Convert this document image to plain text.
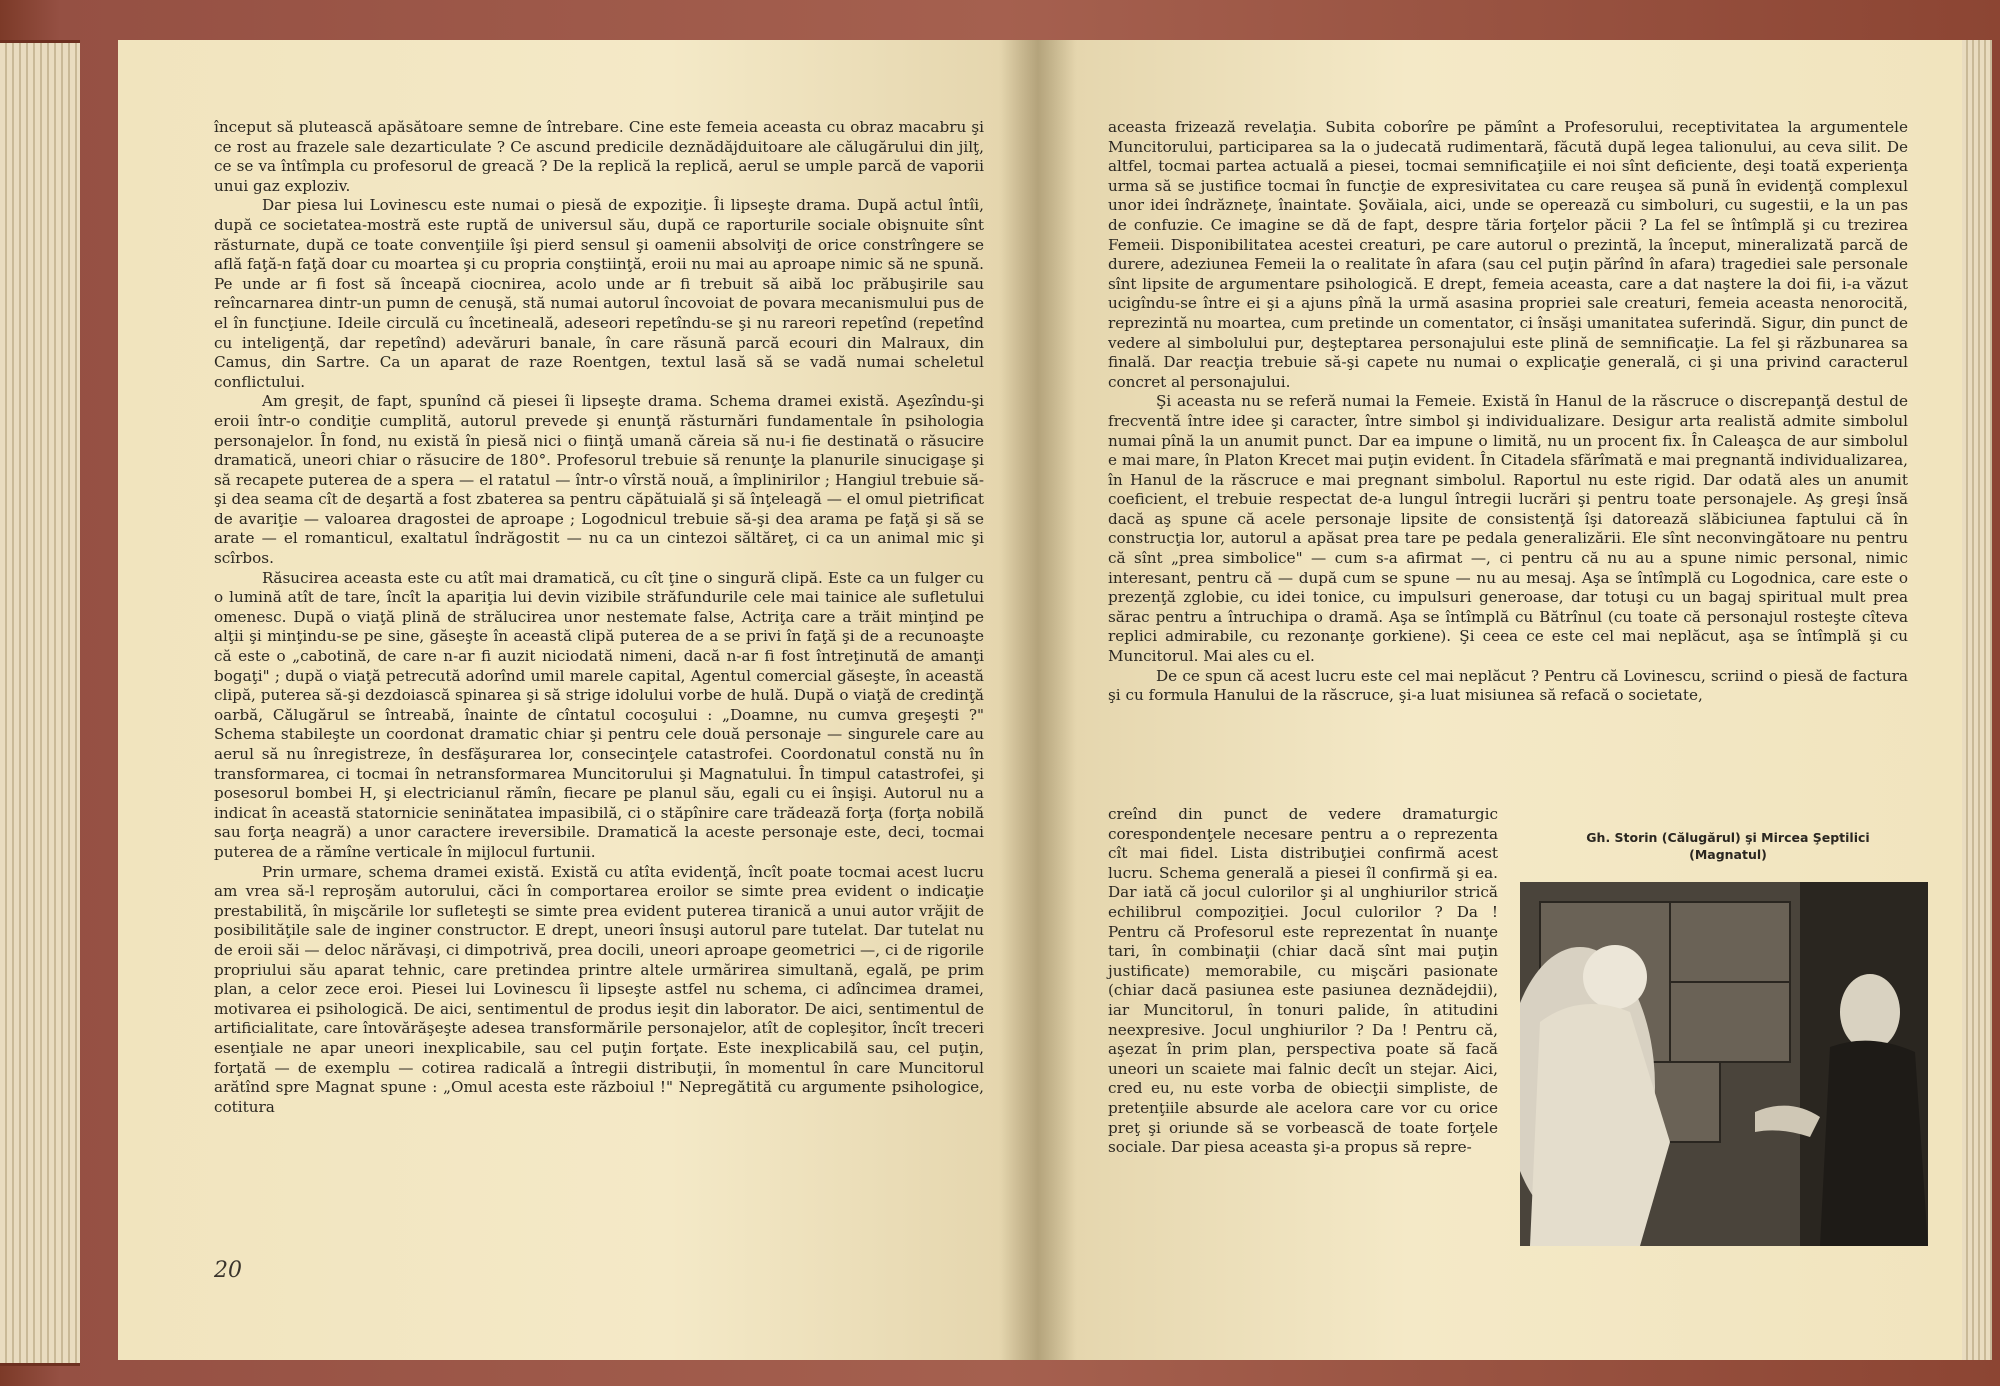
început să plutească apăsătoare semne de întrebare. Cine este femeia aceasta cu obraz macabru şi ce rost au frazele sale dezarticulate ? Ce ascund predicile deznădăjduitoare ale călugărului din jilţ, ce se va întîmpla cu profesorul de greacă ? De la replică la replică, aerul se umple parcă de vaporii unui gaz exploziv.

Dar piesa lui Lovinescu este numai o piesă de expoziţie. Îi lipseşte drama. După actul întîi, după ce societatea-mostră este ruptă de universul său, după ce raporturile sociale obişnuite sînt răsturnate, după ce toate convenţiile îşi pierd sensul şi oamenii absolviţi de orice constrîngere se află faţă-n faţă doar cu moartea şi cu propria conştiinţă, eroii nu mai au aproape nimic să ne spună. Pe unde ar fi fost să înceapă ciocnirea, acolo unde ar fi trebuit să aibă loc prăbuşirile sau reîncarnarea dintr-un pumn de cenuşă, stă numai autorul încovoiat de povara mecanismului pus de el în funcţiune. Ideile circulă cu încetineală, adeseori repetîndu-se şi nu rareori repetînd (repetînd cu inteligenţă, dar repetînd) adevăruri banale, în care răsună parcă ecouri din Malraux, din Camus, din Sartre. Ca un aparat de raze Roentgen, textul lasă să se vadă numai scheletul conflictului.

Am greşit, de fapt, spunînd că piesei îi lipseşte drama. Schema dramei există. Aşezîndu-şi eroii într-o condiţie cumplită, autorul prevede şi enunţă răsturnări fundamentale în psihologia personajelor. În fond, nu există în piesă nici o fiinţă umană căreia să nu-i fie destinată o răsucire dramatică, uneori chiar o răsucire de 180°. Profesorul trebuie să renunţe la planurile sinucigaşe şi să recapete puterea de a spera — el ratatul — într-o vîrstă nouă, a împlinirilor ; Hangiul trebuie să-şi dea seama cît de deşartă a fost zbaterea sa pentru căpătuială şi să înţeleagă — el omul pietrificat de avariţie — valoarea dragostei de aproape ; Logodnicul trebuie să-şi dea arama pe faţă şi să se arate — el romanticul, exaltatul îndrăgostit — nu ca un cintezoi săltăreţ, ci ca un animal mic şi scîrbos.

Răsucirea aceasta este cu atît mai dramatică, cu cît ţine o singură clipă. Este ca un fulger cu o lumină atît de tare, încît la apariţia lui devin vizibile străfundurile cele mai tainice ale sufletului omenesc. După o viaţă plină de strălucirea unor nestemate false, Actriţa care a trăit minţind pe alţii şi minţindu-se pe sine, găseşte în această clipă puterea de a se privi în faţă şi de a recunoaşte că este o „cabotină, de care n-ar fi auzit niciodată nimeni, dacă n-ar fi fost întreţinută de amanţi bogaţi" ; după o viaţă petrecută adorînd umil marele capital, Agentul comercial găseşte, în această clipă, puterea să-şi dezdoiască spinarea şi să strige idolului vorbe de hulă. După o viaţă de credinţă oarbă, Călugărul se întreabă, înainte de cîntatul cocoşului : „Doamne, nu cumva greşeşti ?" Schema stabileşte un coordonat dramatic chiar şi pentru cele două personaje — singurele care au aerul să nu înregistreze, în desfăşurarea lor, consecinţele catastrofei. Coordonatul constă nu în transformarea, ci tocmai în netransformarea Muncitorului şi Magnatului. În timpul catastrofei, şi posesorul bombei H, şi electricianul rămîn, fiecare pe planul său, egali cu ei înşişi. Autorul nu a indicat în această statornicie seninătatea impasibilă, ci o stăpînire care trădează forţa (forţa nobilă sau forţa neagră) a unor caractere ireversibile. Dramatică la aceste personaje este, deci, tocmai puterea de a rămîne verticale în mijlocul furtunii.

Prin urmare, schema dramei există. Există cu atîta evidenţă, încît poate tocmai acest lucru am vrea să-l reproşăm autorului, căci în comportarea eroilor se simte prea evident o indicaţie prestabilită, în mişcările lor sufleteşti se simte prea evident puterea tiranică a unui autor vrăjit de posibilităţile sale de inginer constructor. E drept, uneori însuşi autorul pare tutelat. Dar tutelat nu de eroii săi — deloc nărăvaşi, ci dimpotrivă, prea docili, uneori aproape geometrici —, ci de rigorile propriului său aparat tehnic, care pretindea printre altele urmărirea simultană, egală, pe prim plan, a celor zece eroi. Piesei lui Lovinescu îi lipseşte astfel nu schema, ci adîncimea dramei, motivarea ei psihologică. De aici, sentimentul de produs ieşit din laborator. De aici, sentimentul de artificialitate, care întovărăşeşte adesea transformările personajelor, atît de copleşitor, încît treceri esenţiale ne apar uneori inexplicabile, sau cel puţin forţate. Este inexplicabilă sau, cel puţin, forţată — de exemplu — cotirea radicală a întregii distribuţii, în momentul în care Muncitorul arătînd spre Magnat spune : „Omul acesta este războiul !" Nepregătită cu argumente psihologice, cotitura

20

aceasta frizează revelaţia. Subita coborîre pe pămînt a Profesorului, receptivitatea la argumentele Muncitorului, participarea sa la o judecată rudimentară, făcută după legea talionului, au ceva silit. De altfel, tocmai partea actuală a piesei, tocmai semnificaţiile ei noi sînt deficiente, deşi toată experienţa urma să se justifice tocmai în funcţie de expresivitatea cu care reuşea să pună în evidenţă complexul unor idei îndrăzneţe, înaintate. Şovăiala, aici, unde se operează cu simboluri, cu sugestii, e la un pas de confuzie. Ce imagine se dă de fapt, despre tăria forţelor păcii ? La fel se întîmplă şi cu trezirea Femeii. Disponibilitatea acestei creaturi, pe care autorul o prezintă, la început, mineralizată parcă de durere, adeziunea Femeii la o realitate în afara (sau cel puţin părînd în afara) tragediei sale personale sînt lipsite de argumentare psihologică. E drept, femeia aceasta, care a dat naştere la doi fii, i-a văzut ucigîndu-se între ei şi a ajuns pînă la urmă asasina propriei sale creaturi, femeia aceasta nenorocită, reprezintă nu moartea, cum pretinde un comentator, ci însăşi umanitatea suferindă. Sigur, din punct de vedere al simbolului pur, deşteptarea personajului este plină de semnificaţie. La fel şi răzbunarea sa finală. Dar reacţia trebuie să-şi capete nu numai o explicaţie generală, ci şi una privind caracterul concret al personajului.

Şi aceasta nu se referă numai la Femeie. Există în Hanul de la răscruce o discrepanţă destul de frecventă între idee şi caracter, între simbol şi individualizare. Desigur arta realistă admite simbolul numai pînă la un anumit punct. Dar ea impune o limită, nu un procent fix. În Caleaşca de aur simbolul e mai mare, în Platon Krecet mai puţin evident. În Citadela sfărîmată e mai pregnantă individualizarea, în Hanul de la răscruce e mai pregnant simbolul. Raportul nu este rigid. Dar odată ales un anumit coeficient, el trebuie respectat de-a lungul întregii lucrări şi pentru toate personajele. Aş greşi însă dacă aş spune că acele personaje lipsite de consistenţă îşi datorează slăbiciunea faptului că în construcţia lor, autorul a apăsat prea tare pe pedala generalizării. Ele sînt neconvingătoare nu pentru că sînt „prea simbolice" — cum s-a afirmat —, ci pentru că nu au a spune nimic personal, nimic interesant, pentru că — după cum se spune — nu au mesaj. Aşa se întîmplă cu Logodnica, care este o prezenţă zglobie, cu idei tonice, cu impulsuri generoase, dar totuşi cu un bagaj spiritual mult prea sărac pentru a întruchipa o dramă. Aşa se întîmplă cu Bătrînul (cu toate că personajul rosteşte cîteva replici admirabile, cu rezonanţe gorkiene). Şi ceea ce este cel mai neplăcut, aşa se întîmplă şi cu Muncitorul. Mai ales cu el.

De ce spun că acest lucru este cel mai neplăcut ? Pentru că Lovinescu, scriind o piesă de factura şi cu formula Hanului de la răscruce, şi-a luat misiunea să refacă o societate,

creînd din punct de vedere dramaturgic corespondenţele necesare pentru a o reprezenta cît mai fidel. Lista distribuţiei confirmă acest lucru. Schema generală a piesei îl confirmă şi ea. Dar iată că jocul culorilor şi al unghiurilor strică echilibrul compoziţiei. Jocul culorilor ? Da ! Pentru că Profesorul este reprezentat în nuanţe tari, în combinaţii (chiar dacă sînt mai puţin justificate) memorabile, cu mişcări pasionate (chiar dacă pasiunea este pasiunea deznădejdii), iar Muncitorul, în tonuri palide, în atitudini neexpresive. Jocul unghiurilor ? Da ! Pentru că, aşezat în prim plan, perspectiva poate să facă uneori un scaiete mai falnic decît un stejar. Aici, cred eu, nu este vorba de obiecţii simpliste, de pretenţiile absurde ale acelora care vor cu orice preţ şi oriunde să se vorbească de toate forţele sociale. Dar piesa aceasta şi-a propus să repre-

Gh. Storin (Călugărul) şi Mircea Şeptilici
(Magnatul)
